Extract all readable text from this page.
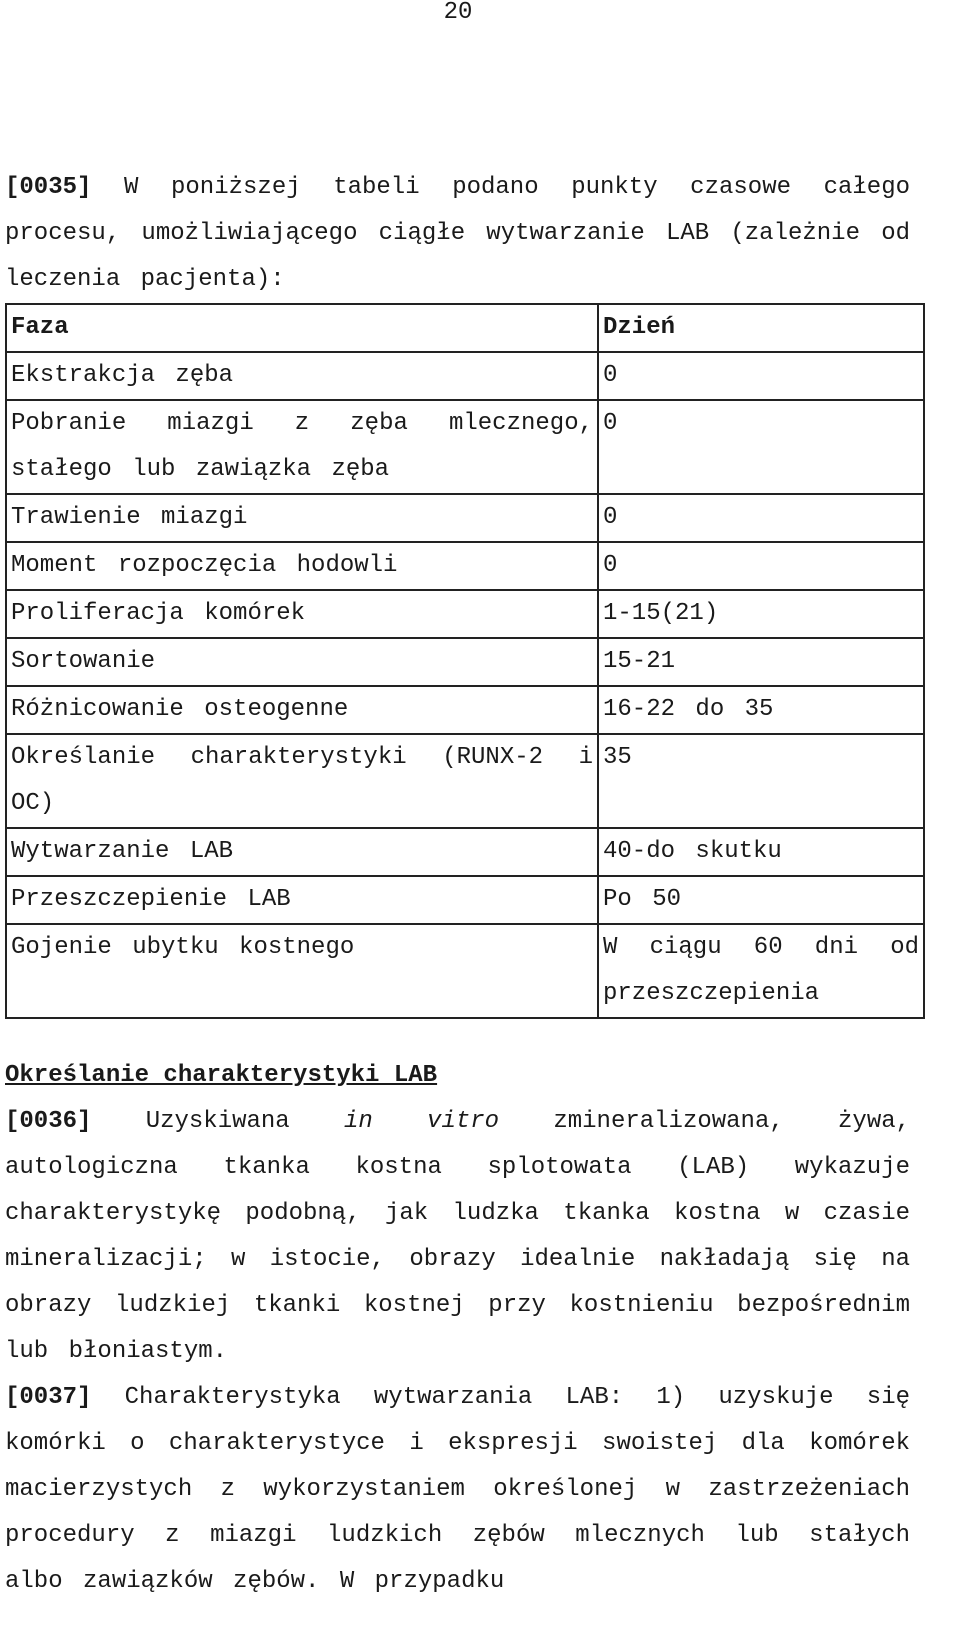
20

[0035] W poniższej tabeli podano punkty czasowe całego procesu, umożliwiającego ciągłe wytwarzanie LAB (zależnie od leczenia pacjenta):

Faza	Dzień
Ekstrakcja zęba	0
Pobranie miazgi z zęba mlecznego, stałego lub zawiązka zęba	0
Trawienie miazgi	0
Moment rozpoczęcia hodowli	0
Proliferacja komórek	1-15(21)
Sortowanie	15-21
Różnicowanie osteogenne	16-22 do 35
Określanie charakterystyki (RUNX-2 i OC)	35
Wytwarzanie LAB	40-do skutku
Przeszczepienie LAB	Po 50
Gojenie ubytku kostnego	W ciągu 60 dni od przeszczepienia

Określanie charakterystyki LAB

[0036] Uzyskiwana in vitro zmineralizowana, żywa, autologiczna tkanka kostna splotowata (LAB) wykazuje charakterystykę podobną, jak ludzka tkanka kostna w czasie mineralizacji; w istocie, obrazy idealnie nakładają się na obrazy ludzkiej tkanki kostnej przy kostnieniu bezpośrednim lub błoniastym.

[0037] Charakterystyka wytwarzania LAB: 1) uzyskuje się komórki o charakterystyce i ekspresji swoistej dla komórek macierzystych z wykorzystaniem określonej w zastrzeżeniach procedury z miazgi ludzkich zębów mlecznych lub stałych albo zawiązków zębów. W przypadku
